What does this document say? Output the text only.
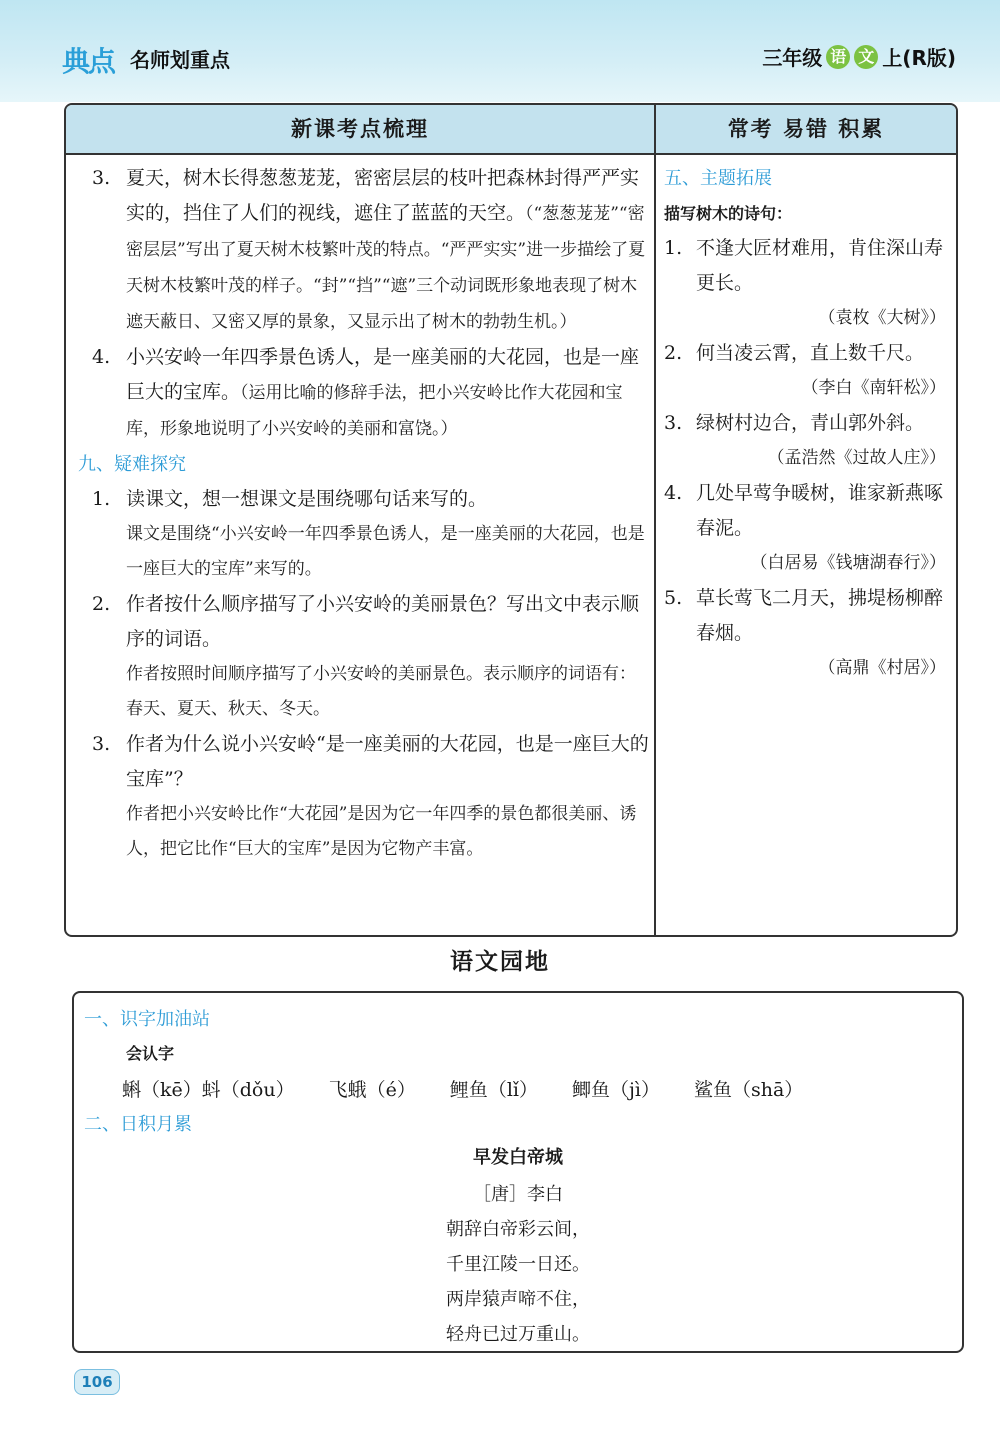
典点 名师划重点	三年级 语 文 上(R版)
新课考点梳理	常考 易错 积累
3. 夏天，树木长得葱葱茏茏，密密层层的枝叶把森林封得严严实实的，挡住了人们的视线，遮住了蓝蓝的天空。（“葱葱茏茏”“密密层层”写出了夏天树木枝繁叶茂的特点。“严严实实”进一步描绘了夏天树木枝繁叶茂的样子。“封”“挡”“遮”三个动词既形象地表现了树木遮天蔽日、又密又厚的景象，又显示出了树木的勃勃生机。）
4. 小兴安岭一年四季景色诱人，是一座美丽的大花园，也是一座巨大的宝库。（运用比喻的修辞手法，把小兴安岭比作大花园和宝库，形象地说明了小兴安岭的美丽和富饶。）
九、疑难探究
1. 读课文，想一想课文是围绕哪句话来写的。
课文是围绕“小兴安岭一年四季景色诱人，是一座美丽的大花园，也是一座巨大的宝库”来写的。
2. 作者按什么顺序描写了小兴安岭的美丽景色？写出文中表示顺序的词语。
作者按照时间顺序描写了小兴安岭的美丽景色。表示顺序的词语有：春天、夏天、秋天、冬天。
3. 作者为什么说小兴安岭“是一座美丽的大花园，也是一座巨大的宝库”？
作者把小兴安岭比作“大花园”是因为它一年四季的景色都很美丽、诱人，把它比作“巨大的宝库”是因为它物产丰富。
五、主题拓展
描写树木的诗句：
1. 不逢大匠材难用，肯住深山寿更长。
（袁枚《大树》）
2. 何当凌云霄，直上数千尺。
（李白《南轩松》）
3. 绿树村边合，青山郭外斜。
（孟浩然《过故人庄》）
4. 几处早莺争暖树，谁家新燕啄春泥。
（白居易《钱塘湖春行》）
5. 草长莺飞二月天，拂堤杨柳醉春烟。
（高鼎《村居》）
语文园地
一、识字加油站
会认字
蝌（kē）蚪（dǒu） 飞蛾（é） 鲤鱼（lǐ） 鲫鱼（jì） 鲨鱼（shā）
二、日积月累
早发白帝城
［唐］李白
朝辞白帝彩云间，
千里江陵一日还。
两岸猿声啼不住，
轻舟已过万重山。
106
